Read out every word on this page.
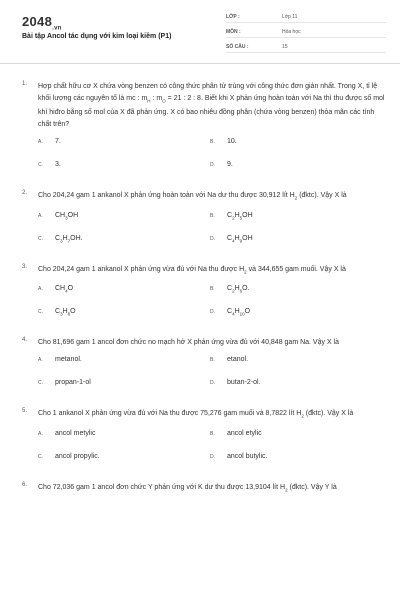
$2048_{.vn}$
Bài tập Ancol tác dụng với kim loại kiềm (P1)
LỚP :	Lớp 11
MÔN :	Hóa học
SỐ CÂU :	15
1. Hợp chất hữu cơ X chứa vòng benzen có công thức phân tử trùng với công thức đơn giản nhất. Trong X, tỉ lệ khối lượng các nguyên tố là mc : $m_H$ : $m_O = 21$ : 2 : 8. Biết khi X phản ứng hoàn toàn với Na thì thu được số mol khí hiđro bằng số mol của X đã phản ứng. X có bao nhiêu đồng phân (chứa vòng benzen) thỏa mãn các tính chất trên?
A.	7.	B.	10.
C.	3.	D.	9.
2. Cho 204,24 gam 1 ankanol X phản ứng hoàn toàn với Na dư thu được 30,912 lít $H_2$ (đktc). Vậy X là
A.	$CH_3OH$	B.	$C_2H_5OH$
C.	$C_3H_7OH$.	D.	$C_4H_9OH$
3. Cho 204,24 gam 1 ankanol X phản ứng vừa đủ với Na thu được $H_2$ và 344,655 gam muối. Vậy X là
A.	$CH_4O$	B.	$C_2H_6O$.
C.	$C_3H_8O$	D.	$C_4H_{10}O$
4. Cho 81,696 gam 1 ancol đơn chức no mạch hở X phản ứng vừa đủ với 40,848 gam Na. Vậy X là
A.	metanol.	B.	etanol.
C.	propan-1-ol	D.	butan-2-ol.
5. Cho 1 ankanol X phản ứng vừa đủ với Na thu được 75,276 gam muối và 8,7822 lít $H_2$ (đktc). Vậy X là
A.	ancol metylic	B.	ancol etylic
C.	ancol propylic.	D.	ancol butylic.
6. Cho 72,036 gam 1 ancol đơn chức Y phản ứng với K dư thu được 13,9104 lít $H_2$ (đktc). Vậy Y là
